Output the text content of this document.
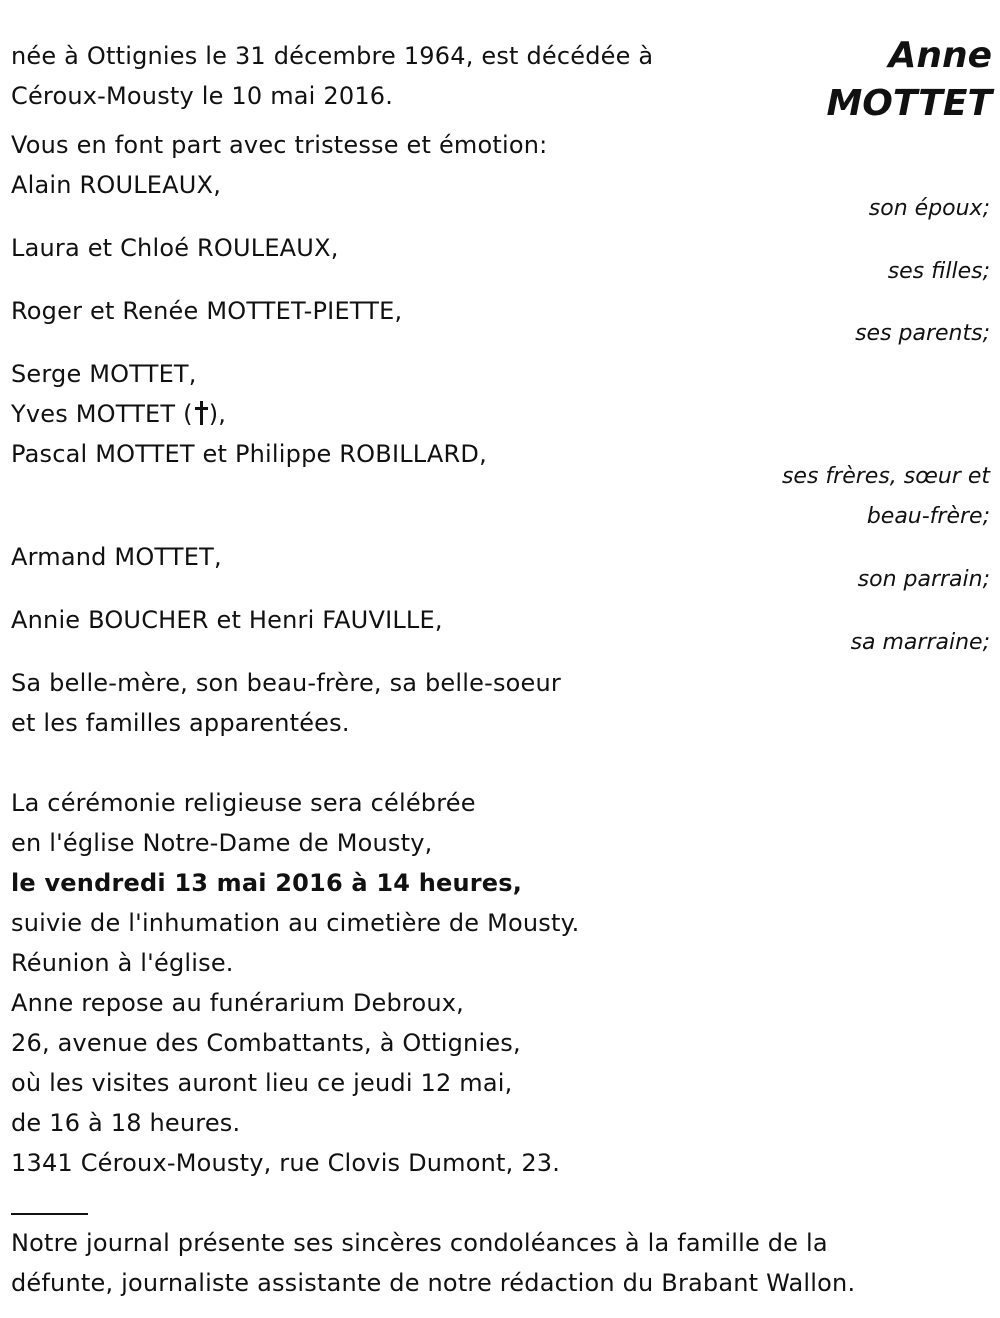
Anne
MOTTET
née à Ottignies le 31 décembre 1964, est décédée à
Céroux-Mousty le 10 mai 2016.
Vous en font part avec tristesse et émotion:
Alain ROULEAUX,
son époux;
Laura et Chloé ROULEAUX,
ses filles;
Roger et Renée MOTTET-PIETTE,
ses parents;
Serge MOTTET,
Yves MOTTET ( ),
Pascal MOTTET et Philippe ROBILLARD,
ses frères, sœur et
beau-frère;
Armand MOTTET,
son parrain;
Annie BOUCHER et Henri FAUVILLE,
sa marraine;
Sa belle-mère, son beau-frère, sa belle-soeur
et les familles apparentées.
La cérémonie religieuse sera célébrée
en l'église Notre-Dame de Mousty,
le vendredi 13 mai 2016 à 14 heures,
suivie de l'inhumation au cimetière de Mousty.
Réunion à l'église.
Anne repose au funérarium Debroux,
26, avenue des Combattants, à Ottignies,
où les visites auront lieu ce jeudi 12 mai,
de 16 à 18 heures.
1341 Céroux-Mousty, rue Clovis Dumont, 23.
Notre journal présente ses sincères condoléances à la famille de la
défunte, journaliste assistante de notre rédaction du Brabant Wallon.
